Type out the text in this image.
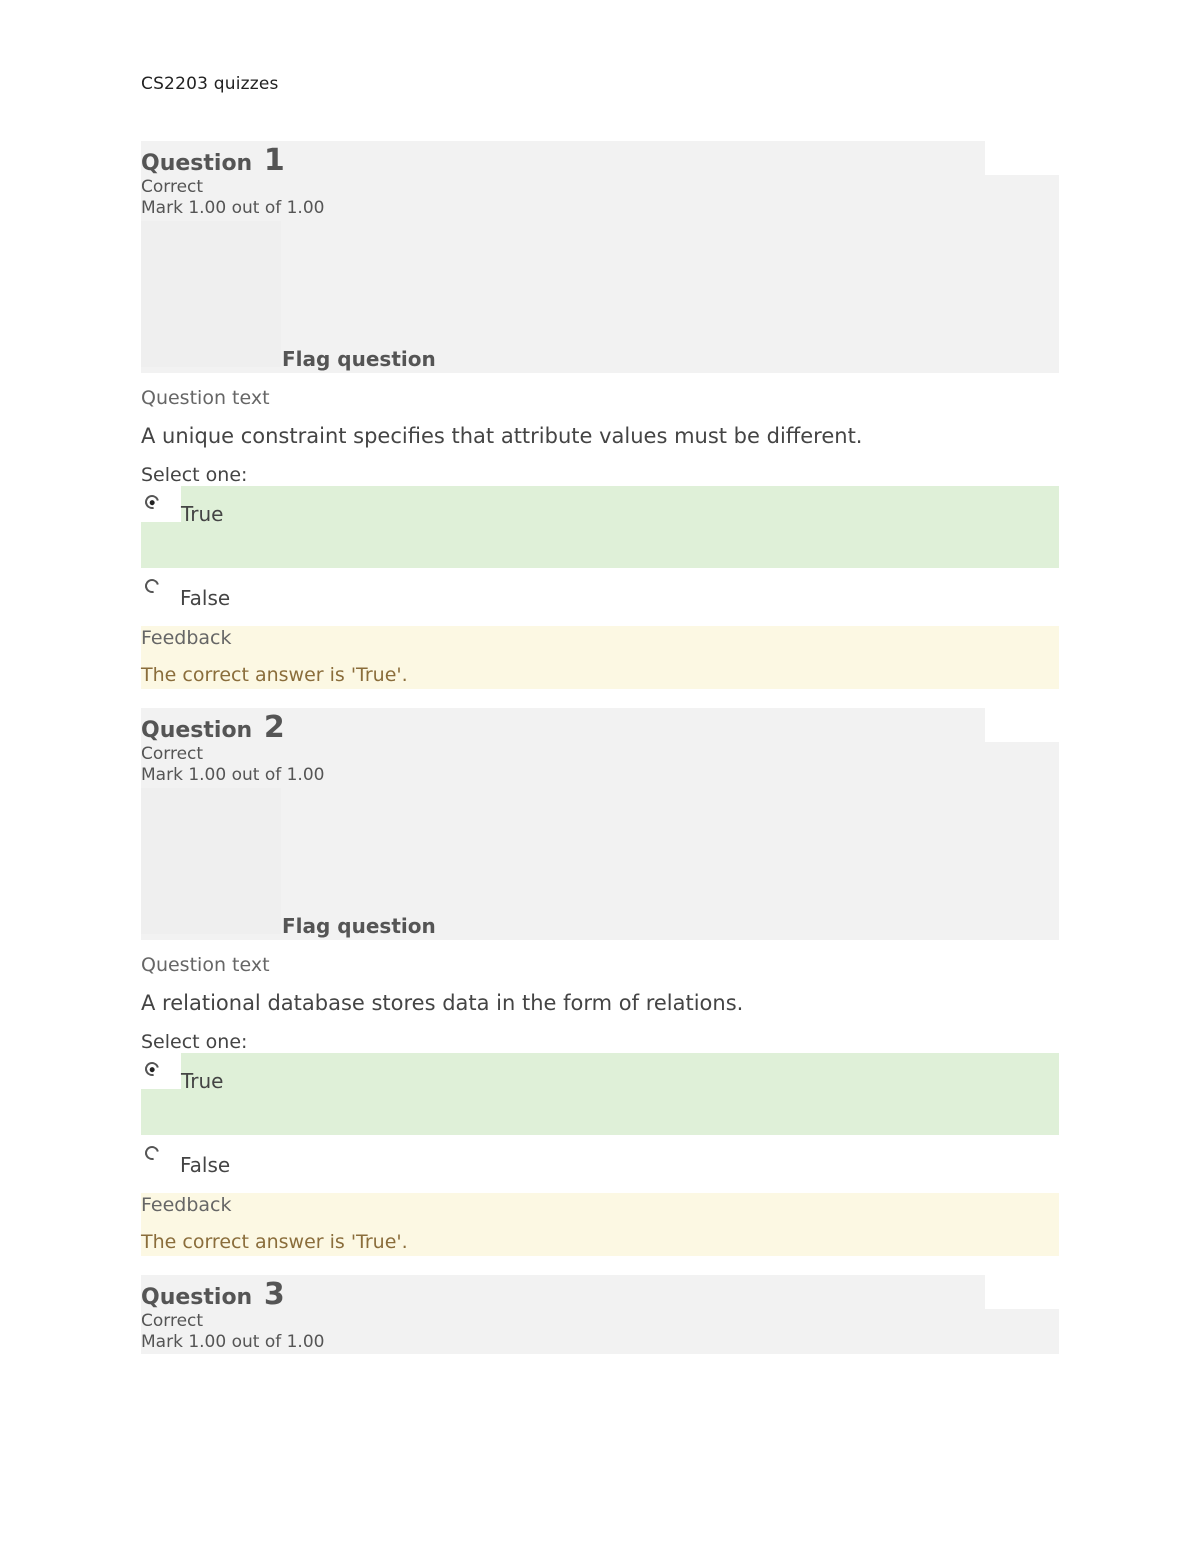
CS2203 quizzes
Question 1
Correct
Mark 1.00 out of 1.00
Flag question
Question text
A unique constraint specifies that attribute values must be different.
Select one:
True
False
Feedback
The correct answer is 'True'.
Question 2
Correct
Mark 1.00 out of 1.00
Flag question
Question text
A relational database stores data in the form of relations.
Select one:
True
False
Feedback
The correct answer is 'True'.
Question 3
Correct
Mark 1.00 out of 1.00
